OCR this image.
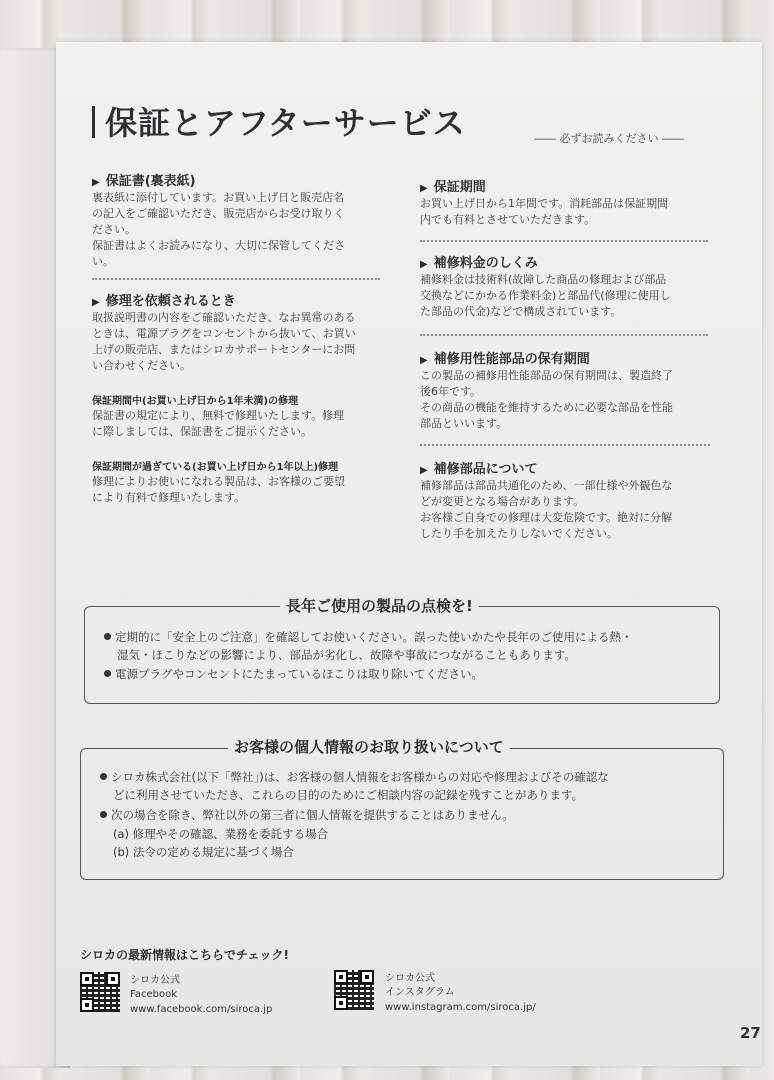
保証とアフターサービス	―― 必ずお読みください ――
▶ 保証書(裏表紙)
裏表紙に添付しています。お買い上げ日と販売店名
の記入をご確認いただき、販売店からお受け取りく
ださい。
保証書はよくお読みになり、大切に保管してくださ
い。
▶ 修理を依頼されるとき
取扱説明書の内容をご確認いただき、なお異常のある
ときは、電源プラグをコンセントから抜いて、お買い
上げの販売店、またはシロカサポートセンターにお問
い合わせください。
保証期間中(お買い上げ日から1年未満)の修理
保証書の規定により、無料で修理いたします。修理
に際しましては、保証書をご提示ください。
保証期間が過ぎている(お買い上げ日から1年以上)修理
修理によりお使いになれる製品は、お客様のご要望
により有料で修理いたします。
▶ 保証期間
お買い上げ日から1年間です。消耗部品は保証期間
内でも有料とさせていただきます。
▶ 補修料金のしくみ
補修料金は技術料(故障した商品の修理および部品
交換などにかかる作業料金)と部品代(修理に使用し
た部品の代金)などで構成されています。
▶ 補修用性能部品の保有期間
この製品の補修用性能部品の保有期間は、製造終了
後6年です。
その商品の機能を維持するために必要な部品を性能
部品といいます。
▶ 補修部品について
補修部品は部品共通化のため、一部仕様や外観色な
どが変更となる場合があります。
お客様ご自身での修理は大変危険です。絶対に分解
したり手を加えたりしないでください。
長年ご使用の製品の点検を!
定期的に「安全上のご注意」を確認してお使いください。誤った使いかたや長年のご使用による熱・
湿気・ほこりなどの影響により、部品が劣化し、故障や事故につながることもあります。
電源プラグやコンセントにたまっているほこりは取り除いてください。
お客様の個人情報のお取り扱いについて
シロカ株式会社(以下「弊社」)は、お客様の個人情報をお客様からの対応や修理およびその確認な
どに利用させていただき、これらの目的のためにご相談内容の記録を残すことがあります。
次の場合を除き、弊社以外の第三者に個人情報を提供することはありません。
(a) 修理やその確認、業務を委託する場合
(b) 法令の定める規定に基づく場合
シロカの最新情報はこちらでチェック!
シロカ公式
Facebook
www.facebook.com/siroca.jp
シロカ公式
インスタグラム
www.instagram.com/siroca.jp/
27
